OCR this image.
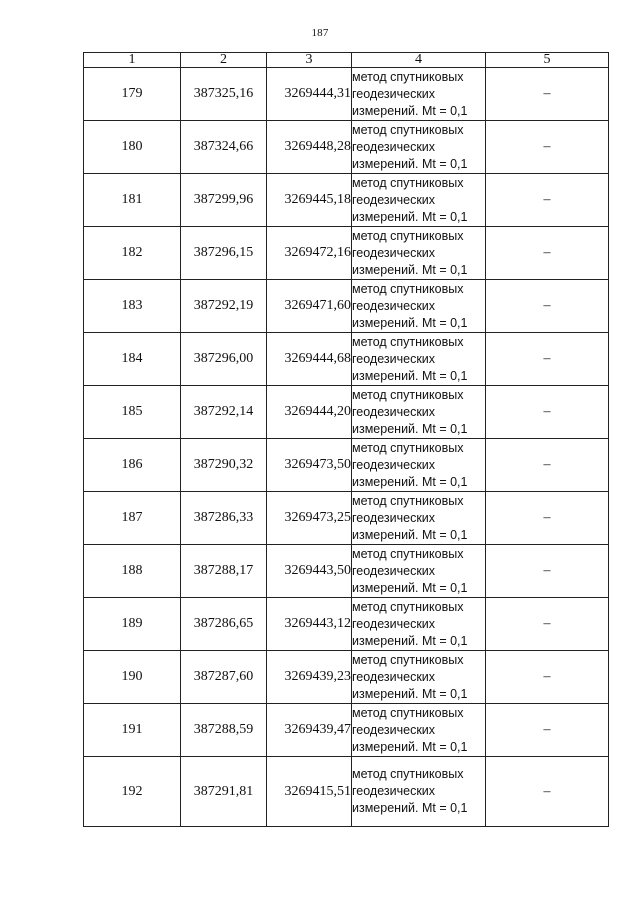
187
1	2	3	4	5
179	387325,16	3269444,31	метод спутниковых
геодезических
измерений. Mt = 0,1	–
180	387324,66	3269448,28	метод спутниковых
геодезических
измерений. Mt = 0,1	–
181	387299,96	3269445,18	метод спутниковых
геодезических
измерений. Mt = 0,1	–
182	387296,15	3269472,16	метод спутниковых
геодезических
измерений. Mt = 0,1	–
183	387292,19	3269471,60	метод спутниковых
геодезических
измерений. Mt = 0,1	–
184	387296,00	3269444,68	метод спутниковых
геодезических
измерений. Mt = 0,1	–
185	387292,14	3269444,20	метод спутниковых
геодезических
измерений. Mt = 0,1	–
186	387290,32	3269473,50	метод спутниковых
геодезических
измерений. Mt = 0,1	–
187	387286,33	3269473,25	метод спутниковых
геодезических
измерений. Mt = 0,1	–
188	387288,17	3269443,50	метод спутниковых
геодезических
измерений. Mt = 0,1	–
189	387286,65	3269443,12	метод спутниковых
геодезических
измерений. Mt = 0,1	–
190	387287,60	3269439,23	метод спутниковых
геодезических
измерений. Mt = 0,1	–
191	387288,59	3269439,47	метод спутниковых
геодезических
измерений. Mt = 0,1	–
192	387291,81	3269415,51	метод спутниковых
геодезических
измерений. Mt = 0,1	–
